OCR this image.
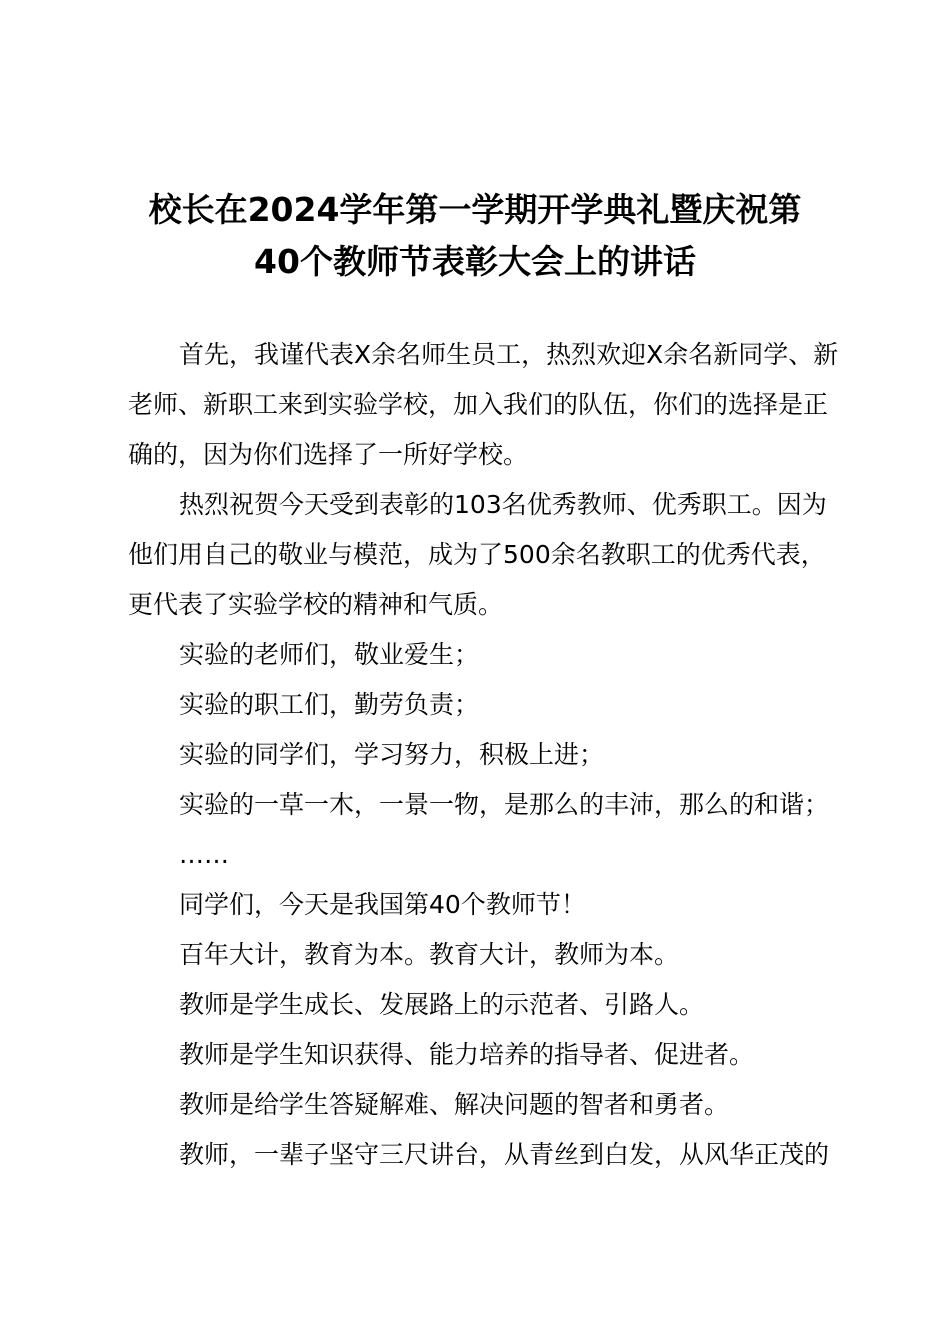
校长在2024学年第一学期开学典礼暨庆祝第
40个教师节表彰大会上的讲话
首先，我谨代表X余名师生员工，热烈欢迎X余名新同学、新
老师、新职工来到实验学校，加入我们的队伍，你们的选择是正
确的，因为你们选择了一所好学校。
热烈祝贺今天受到表彰的103名优秀教师、优秀职工。因为
他们用自己的敬业与模范，成为了500余名教职工的优秀代表，
更代表了实验学校的精神和气质。
实验的老师们，敬业爱生；
实验的职工们，勤劳负责；
实验的同学们，学习努力，积极上进；
实验的一草一木，一景一物，是那么的丰沛，那么的和谐；
……
同学们，今天是我国第40个教师节！
百年大计，教育为本。教育大计，教师为本。
教师是学生成长、发展路上的示范者、引路人。
教师是学生知识获得、能力培养的指导者、促进者。
教师是给学生答疑解难、解决问题的智者和勇者。
教师，一辈子坚守三尺讲台，从青丝到白发，从风华正茂的
